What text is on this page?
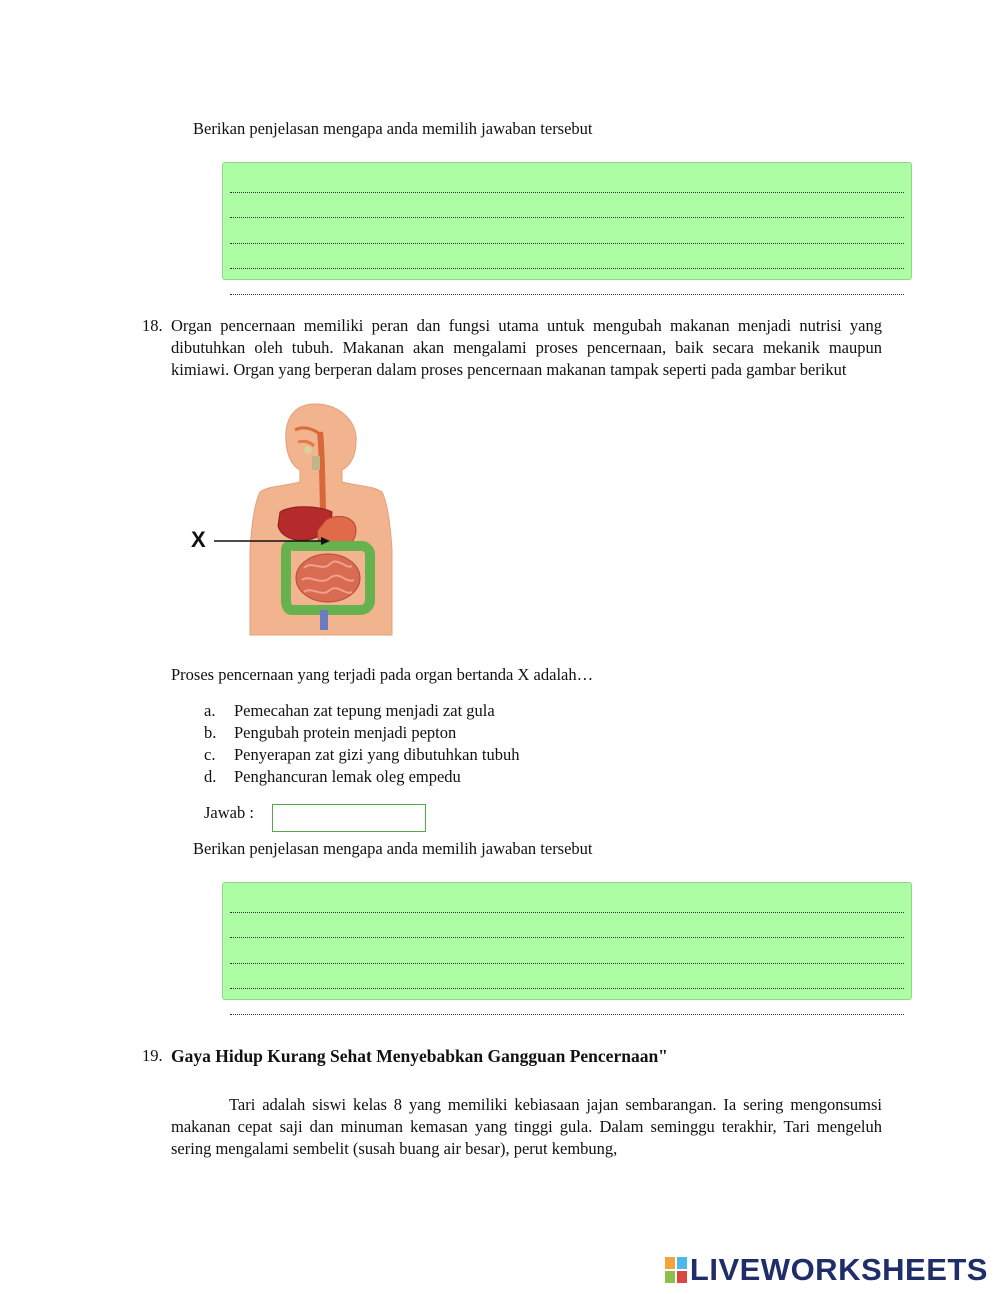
Berikan penjelasan mengapa anda memilih jawaban tersebut
18. Organ pencernaan memiliki peran dan fungsi utama untuk mengubah makanan menjadi nutrisi yang dibutuhkan oleh tubuh. Makanan akan mengalami proses pencernaan, baik secara mekanik maupun kimiawi. Organ yang berperan dalam proses pencernaan makanan tampak seperti pada gambar berikut
X
Proses pencernaan yang terjadi pada organ bertanda X adalah…
a. Pemecahan zat tepung menjadi zat gula
b. Pengubah protein menjadi pepton
c. Penyerapan zat gizi yang dibutuhkan tubuh
d. Penghancuran lemak oleg empedu
Jawab :
Berikan penjelasan mengapa anda memilih jawaban tersebut
19. Gaya Hidup Kurang Sehat Menyebabkan Gangguan Pencernaan"
Tari adalah siswi kelas 8 yang memiliki kebiasaan jajan sembarangan. Ia sering mengonsumsi makanan cepat saji dan minuman kemasan yang tinggi gula. Dalam seminggu terakhir, Tari mengeluh sering mengalami sembelit (susah buang air besar), perut kembung,
LIVEWORKSHEETS
